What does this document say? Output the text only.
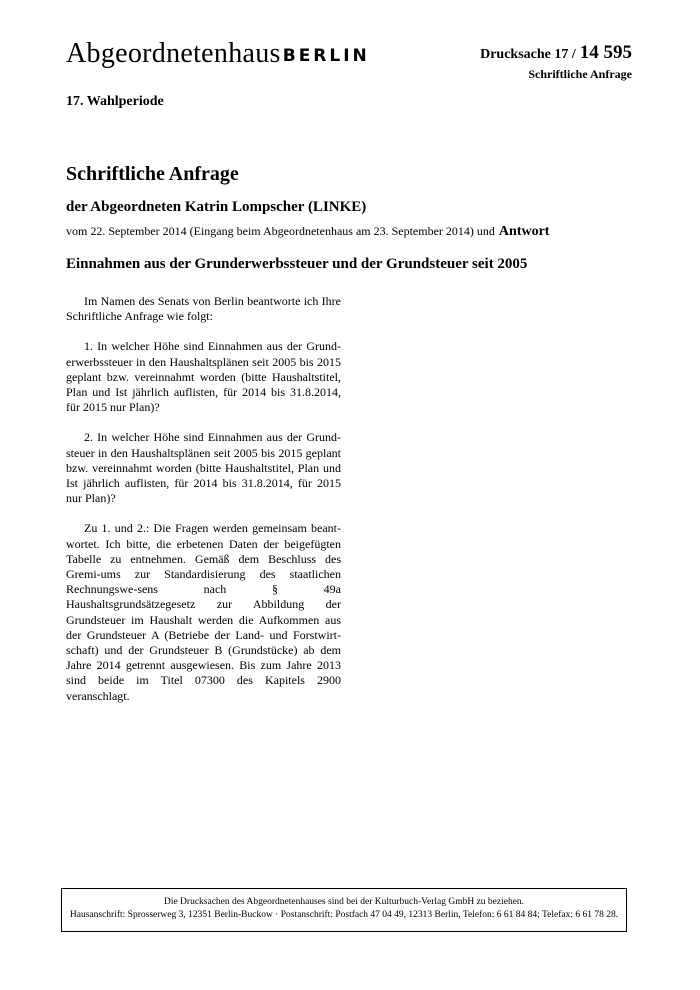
Abgeordnetenhaus BERLIN	Drucksache 17 / 14 595
Schriftliche Anfrage
17. Wahlperiode
Schriftliche Anfrage
der Abgeordneten Katrin Lompscher (LINKE)
vom 22. September 2014 (Eingang beim Abgeordnetenhaus am 23. September 2014) und Antwort
Einnahmen aus der Grunderwerbssteuer und der Grundsteuer seit 2005

Im Namen des Senats von Berlin beantworte ich Ihre Schriftliche Anfrage wie folgt:

1. In welcher Höhe sind Einnahmen aus der Grund-erwerbssteuer in den Haushaltsplänen seit 2005 bis 2015 geplant bzw. vereinnahmt worden (bitte Haushaltstitel, Plan und Ist jährlich auflisten, für 2014 bis 31.8.2014, für 2015 nur Plan)?

2. In welcher Höhe sind Einnahmen aus der Grund-steuer in den Haushaltsplänen seit 2005 bis 2015 geplant bzw. vereinnahmt worden (bitte Haushaltstitel, Plan und Ist jährlich auflisten, für 2014 bis 31.8.2014, für 2015 nur Plan)?

Zu 1. und 2.: Die Fragen werden gemeinsam beant-wortet. Ich bitte, die erbetenen Daten der beigefügten Tabelle zu entnehmen. Gemäß dem Beschluss des Gremi-ums zur Standardisierung des staatlichen Rechnungswe-sens nach § 49a Haushaltsgrundsätzegesetz zur Abbildung der Grundsteuer im Haushalt werden die Aufkommen aus der Grundsteuer A (Betriebe der Land- und Forstwirt-schaft) und der Grundsteuer B (Grundstücke) ab dem Jahre 2014 getrennt ausgewiesen. Bis zum Jahre 2013 sind beide im Titel 07300 des Kapitels 2900 veranschlagt.

Die Drucksachen des Abgeordnetenhauses sind bei der Kulturbuch-Verlag GmbH zu beziehen.
Hausanschrift: Sprosserweg 3, 12351 Berlin-Buckow · Postanschrift: Postfach 47 04 49, 12313 Berlin, Telefon: 6 61 84 84; Telefax: 6 61 78 28.
